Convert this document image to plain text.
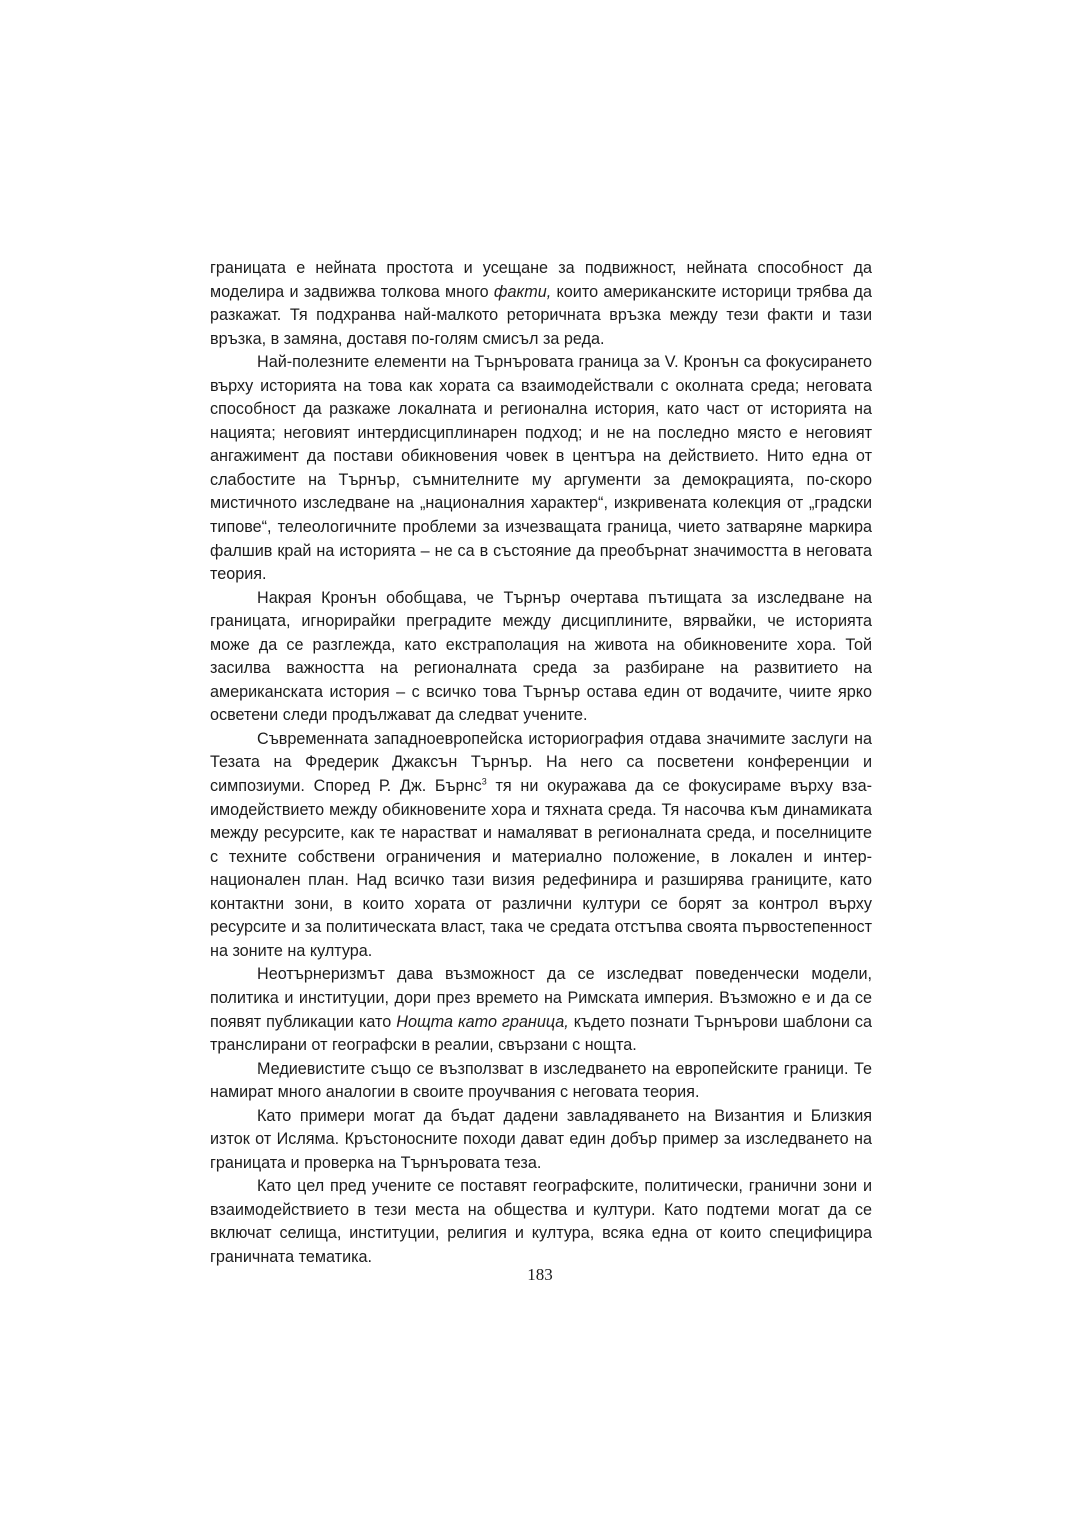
границата е нейната простота и усещане за подвижност, нейната способност да моделира и задвижва толкова много факти, които американските историци трябва да разкажат. Тя подхранва най-малкото реторичната връзка между тези факти и тази връзка, в замяна, доставя по-голям смисъл за реда.

Най-полезните елементи на Търнъровата граница за V. Кронън са фокусирането върху историята на това как хората са взаимодействали с околната среда; неговата способност да разкаже локалната и регионална история, като част от историята на нацията; неговият интердисциплинарен подход; и не на последно място е неговият ангажимент да постави обикновения човек в центъра на действието. Нито една от слабостите на Търнър, съмнителните му аргументи за демокрацията, по-скоро мистичното изследване на „националния характер“, изкривената колекция от „градски типове“, телеологичните проблеми за изчезващата граница, чието затваряне маркира фалшив край на историята – не са в състояние да преобърнат значимостта в неговата теория.

Накрая Кронън обобщава, че Търнър очертава пътищата за изследване на границата, игнорирайки преградите между дисциплините, вярвайки, че историята може да се разглежда, като екстраполация на живота на обикновените хора. Той засилва важността на регионалната среда за разбиране на развитието на американската история – с всичко това Търнър остава един от водачите, чиите ярко осветени следи продължават да следват учените.

Съвременната западноевропейска историография отдава значимите заслуги на Тезата на Фредерик Джаксън Търнър. На него са посветени конференции и симпозиуми. Според Р. Дж. Бърнс$^3$ тя ни окуражава да се фокусираме върху взаимодействието между обикновените хора и тяхната среда. Тя насочва към динамиката между ресурсите, как те нарастват и намаляват в регионалната среда, и поселниците с техните собствени ограничения и материално положение, в локален и интернационален план. Над всичко тази визия редефинира и разширява границите, като контактни зони, в които хората от различни култури се борят за контрол върху ресурсите и за политическата власт, така че средата отстъпва своята първостепенност на зоните на култура.

Неотърнеризмът дава възможност да се изследват поведенчески модели, политика и институции, дори през времето на Римската империя. Възможно е и да се появят публикации като Нощта като граница, където познати Търнърови шаблони са транслирани от географски в реалии, свързани с нощта.

Медиевистите също се възползват в изследването на европейските граници. Те намират много аналогии в своите проучвания с неговата теория.

Като примери могат да бъдат дадени завладяването на Византия и Близкия изток от Исляма. Кръстоносните походи дават един добър пример за изследването на границата и проверка на Търнъровата теза.

Като цел пред учените се поставят географските, политически, гранични зони и взаимодействието в тези места на общества и култури. Като подтеми могат да се включат селища, институции, религия и култура, всяка една от които специфицира граничната тематика.

183
